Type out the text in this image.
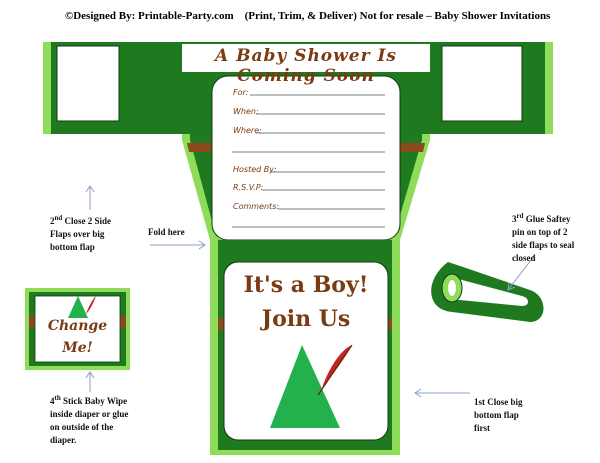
©Designed By: Printable-Party.com (Print, Trim, & Deliver) Not for resale – Baby Shower Invitations
A Baby Shower Is Coming Soon
For:
When:
Where:
Hosted By:
R.S.V.P:
Comments:
It's a Boy!
Join Us
Change
Me!
2nd Close 2 Side
Flaps over big
bottom flap
Fold here
3rd Glue Saftey
pin on top of 2
side flaps to seal
closed
4th Stick Baby Wipe
inside diaper or glue
on outside of the
diaper.
1st Close big
bottom flap
first
